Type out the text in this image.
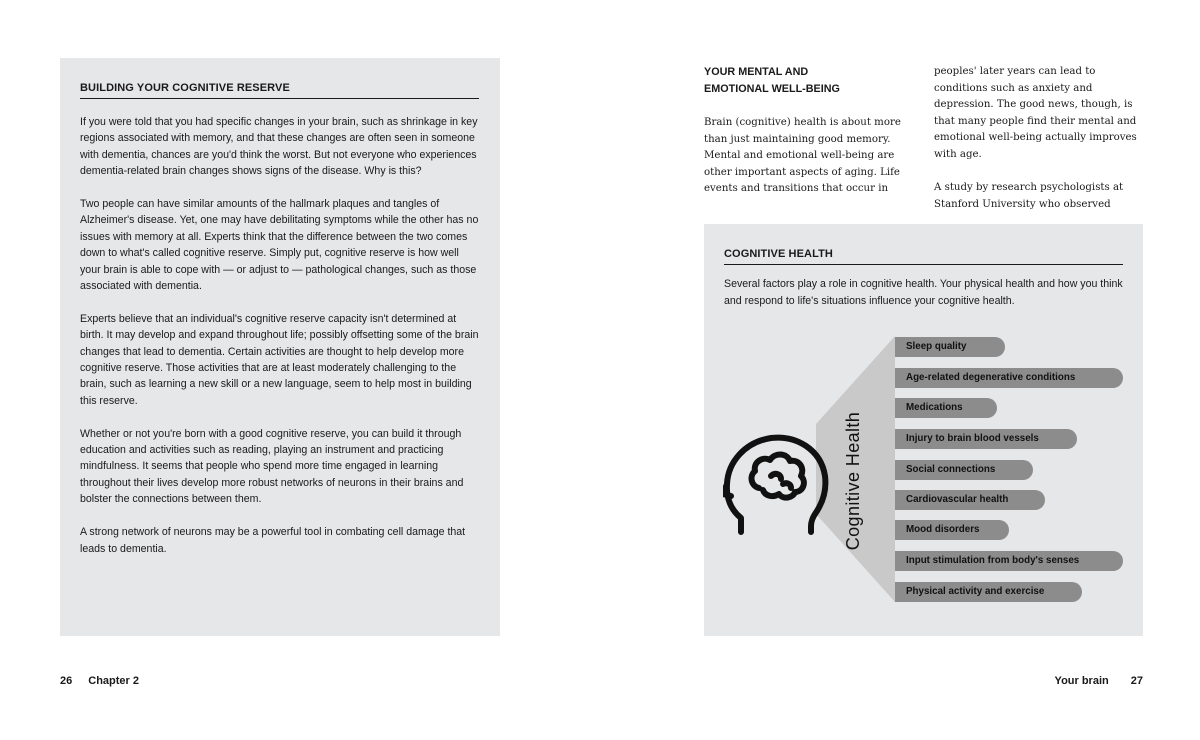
BUILDING YOUR COGNITIVE RESERVE

If you were told that you had specific changes in your brain, such as shrinkage in key regions associated with memory, and that these changes are often seen in someone with dementia, chances are you'd think the worst. But not everyone who experiences dementia-related brain changes shows signs of the disease. Why is this?

Two people can have similar amounts of the hallmark plaques and tangles of Alzheimer's disease. Yet, one may have debilitating symptoms while the other has no issues with memory at all. Experts think that the difference between the two comes down to what's called cognitive reserve. Simply put, cognitive reserve is how well your brain is able to cope with — or adjust to — pathological changes, such as those associated with dementia.

Experts believe that an individual's cognitive reserve capacity isn't determined at birth. It may develop and expand throughout life; possibly offsetting some of the brain changes that lead to dementia. Certain activities are thought to help develop more cognitive reserve. Those activities that are at least moderately challenging to the brain, such as learning a new skill or a new language, seem to help most in building this reserve.

Whether or not you're born with a good cognitive reserve, you can build it through education and activities such as reading, playing an instrument and practicing mindfulness. It seems that people who spend more time engaged in learning throughout their lives develop more robust networks of neurons in their brains and bolster the connections between them.

A strong network of neurons may be a powerful tool in combating cell damage that leads to dementia.

YOUR MENTAL AND
EMOTIONAL WELL-BEING

Brain (cognitive) health is about more than just maintaining good memory. Mental and emotional well-being are other important aspects of aging. Life events and transitions that occur in

peoples' later years can lead to conditions such as anxiety and depression. The good news, though, is that many people find their mental and emotional well-being actually improves with age.

A study by research psychologists at Stanford University who observed

COGNITIVE HEALTH

Several factors play a role in cognitive health. Your physical health and how you think and respond to life's situations influence your cognitive health.

Cognitive Health
Sleep quality
Age-related degenerative conditions
Medications
Injury to brain blood vessels
Social connections
Cardiovascular health
Mood disorders
Input stimulation from body's senses
Physical activity and exercise
26 Chapter 2	Your brain 27
